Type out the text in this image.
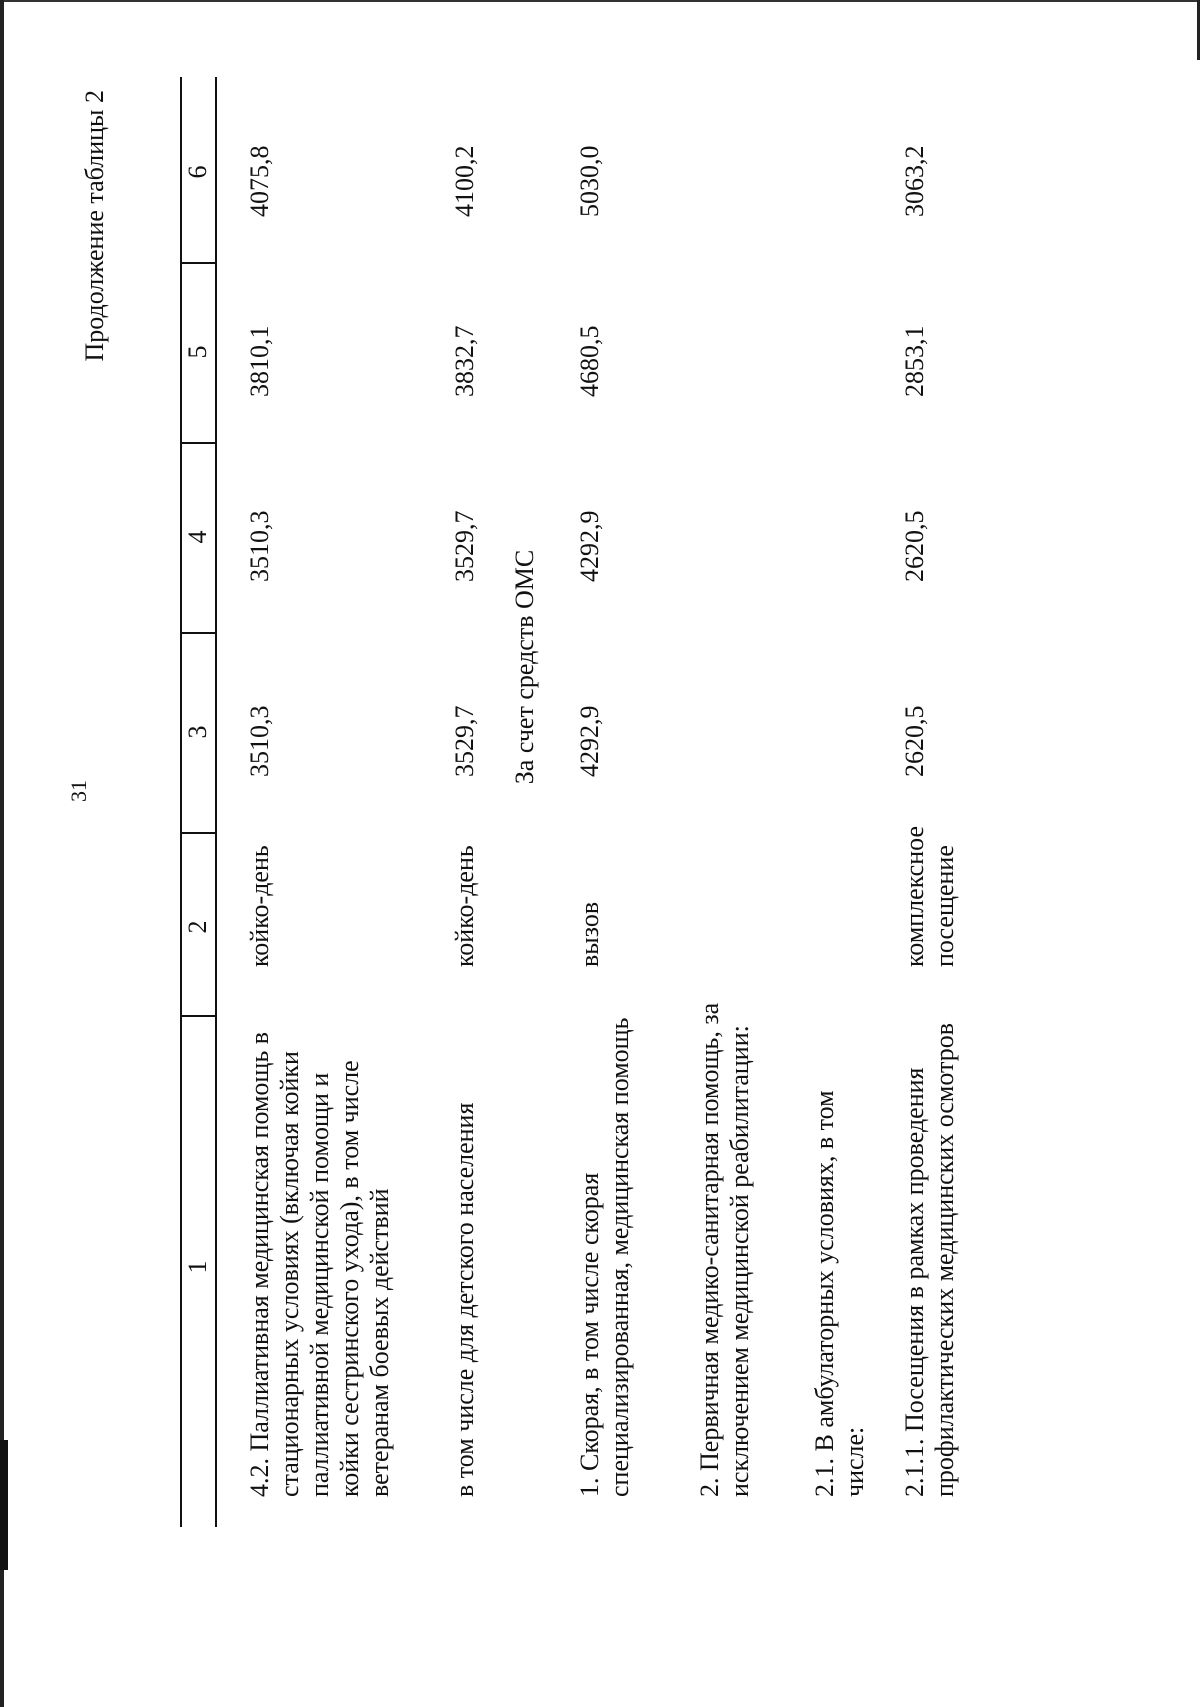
31
Продолжение таблицы 2
1
2
3
4
5
6
4.2. Паллиативная медицинская помощь в стационарных условиях (включая койки паллиативной медицинской помощи и койки сестринского ухода), в том числе ветеранам боевых действий
койко-день
3510,3
3510,3
3810,1
4075,8
в том числе для детского населения
койко-день
3529,7
3529,7
3832,7
4100,2
За счет средств ОМС
1. Скорая, в том числе скорая специализированная, медицинская помощь
вызов
4292,9
4292,9
4680,5
5030,0
2. Первичная медико-санитарная помощь, за исключением медицинской реабилитации: 2.1. В амбулаторных условиях, в том числе: 2.1.1. Посещения в рамках проведения профилактических медицинских осмотров
комплексное посещение
2620,5
2620,5
2853,1
3063,2
